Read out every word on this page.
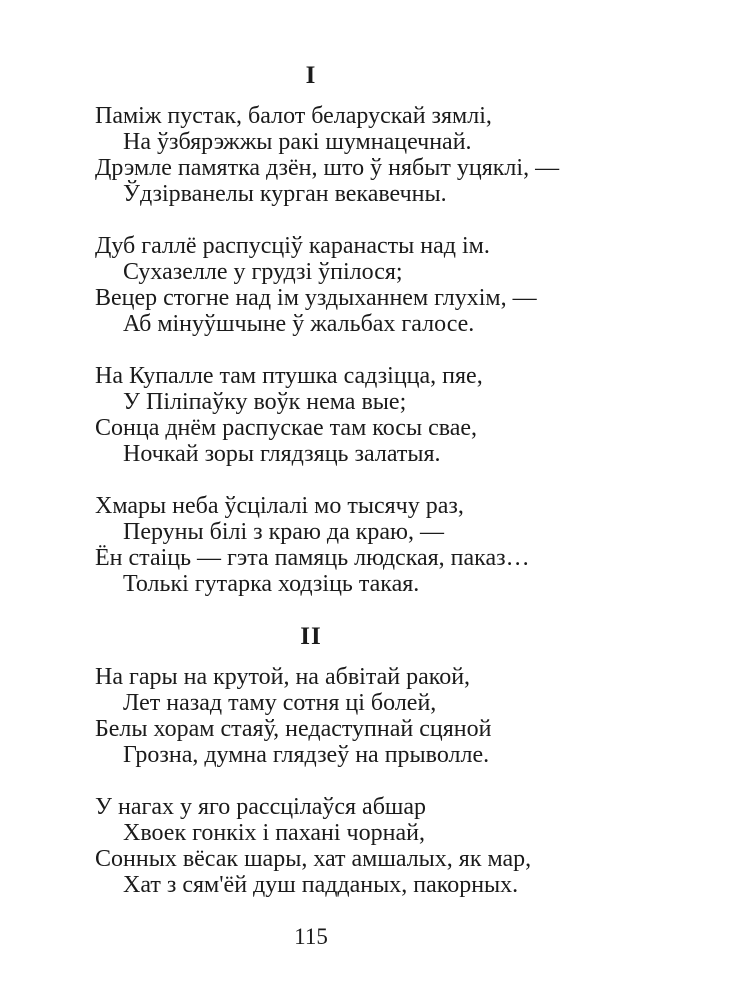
I
Паміж пустак, балот беларускай зямлі,
На ўзбярэжжы ракі шумнацечнай.
Дрэмле памятка дзён, што ў нябыт уцяклі, —
Ўдзірванелы курган векавечны.
Дуб галлё распусціў каранасты над ім.
Сухазелле у грудзі ўпілося;
Вецер стогне над ім уздыханнем глухім, —
Аб мінуўшчыне ў жальбах галосе.
На Купалле там птушка садзіцца, пяе,
У Піліпаўку воўк нема вые;
Сонца днём распускае там косы свае,
Ночкай зоры глядзяць залатыя.
Хмары неба ўсцілалі мо тысячу раз,
Перуны білі з краю да краю, —
Ён стаіць — гэта памяць людская, паказ…
Толькі гутарка ходзіць такая.
II
На гары на крутой, на абвітай ракой,
Лет назад таму сотня ці болей,
Белы хорам стаяў, недаступнай сцяной
Грозна, думна глядзеў на прыволле.
У нагах у яго рассцілаўся абшар
Хвоек гонкіх і пахані чорнай,
Сонных вёсак шары, хат амшалых, як мар,
Хат з сям'ёй душ падданых, пакорных.
115
